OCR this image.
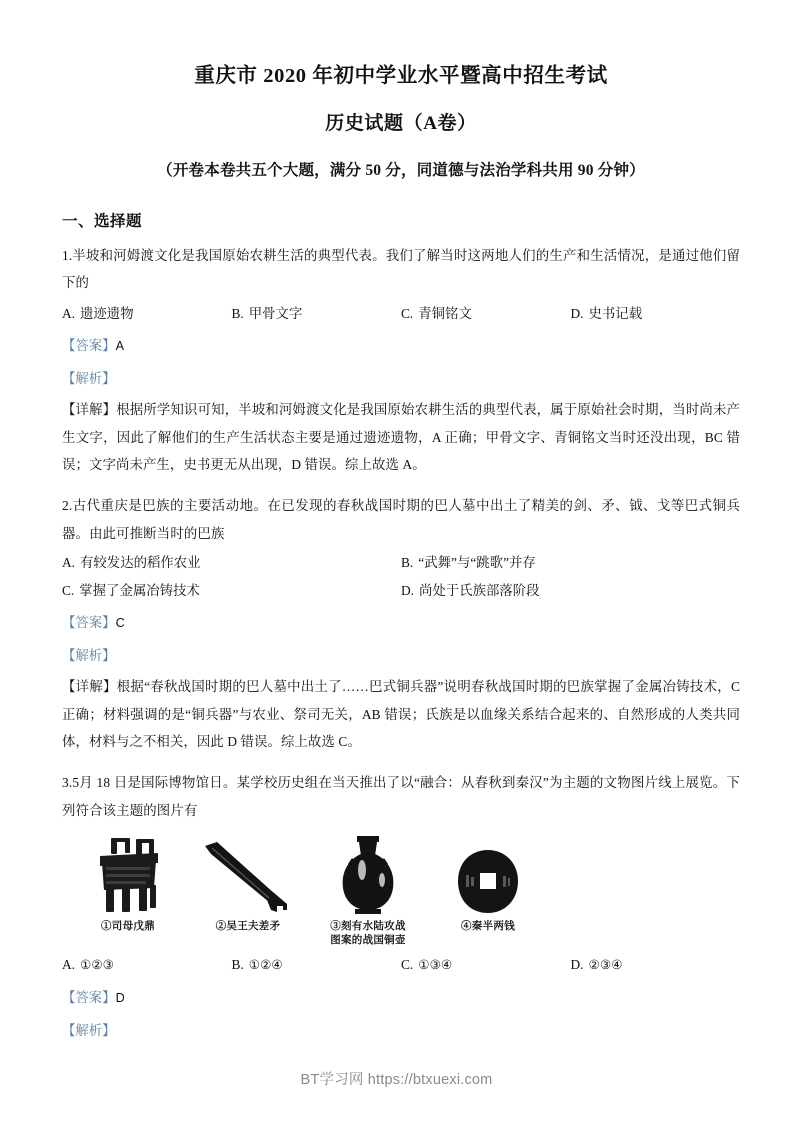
重庆市 2020 年初中学业水平暨高中招生考试
历史试题（A卷）

（开卷本卷共五个大题，满分 50 分，同道德与法治学科共用 90 分钟）

一、选择题

1.半坡和河姆渡文化是我国原始农耕生活的典型代表。我们了解当时这两地人们的生产和生活情况，是通过他们留下的

A. 遗迹遗物	B. 甲骨文字	C. 青铜铭文	D. 史书记载
【答案】A
【解析】

【详解】根据所学知识可知，半坡和河姆渡文化是我国原始农耕生活的典型代表，属于原始社会时期，当时尚未产生文字，因此了解他们的生产生活状态主要是通过遗迹遗物，A 正确；甲骨文字、青铜铭文当时还没出现，BC 错误；文字尚未产生，史书更无从出现，D 错误。综上故选 A。

2.古代重庆是巴族的主要活动地。在已发现的春秋战国时期的巴人墓中出土了精美的剑、矛、钺、戈等巴式铜兵器。由此可推断当时的巴族

A. 有较发达的稻作农业	B. “武舞”与“跳歌”并存
C. 掌握了金属冶铸技术	D. 尚处于氏族部落阶段
【答案】C
【解析】

【详解】根据“春秋战国时期的巴人墓中出土了……巴式铜兵器”说明春秋战国时期的巴族掌握了金属冶铸技术，C 正确；材料强调的是“铜兵器”与农业、祭司无关，AB 错误；氏族是以血缘关系结合起来的、自然形成的人类共同体，材料与之不相关，因此 D 错误。综上故选 C。

3.5月 18 日是国际博物馆日。某学校历史组在当天推出了以“融合：从春秋到秦汉”为主题的文物图片线上展览。下列符合该主题的图片有

①司母戊鼎	②吴王夫差矛	③刻有水陆攻战
图案的战国铜壶
④秦半两钱
A. ①②③	B. ①②④	C. ①③④	D. ②③④
【答案】D
【解析】
BT学习网 https://btxuexi.com
